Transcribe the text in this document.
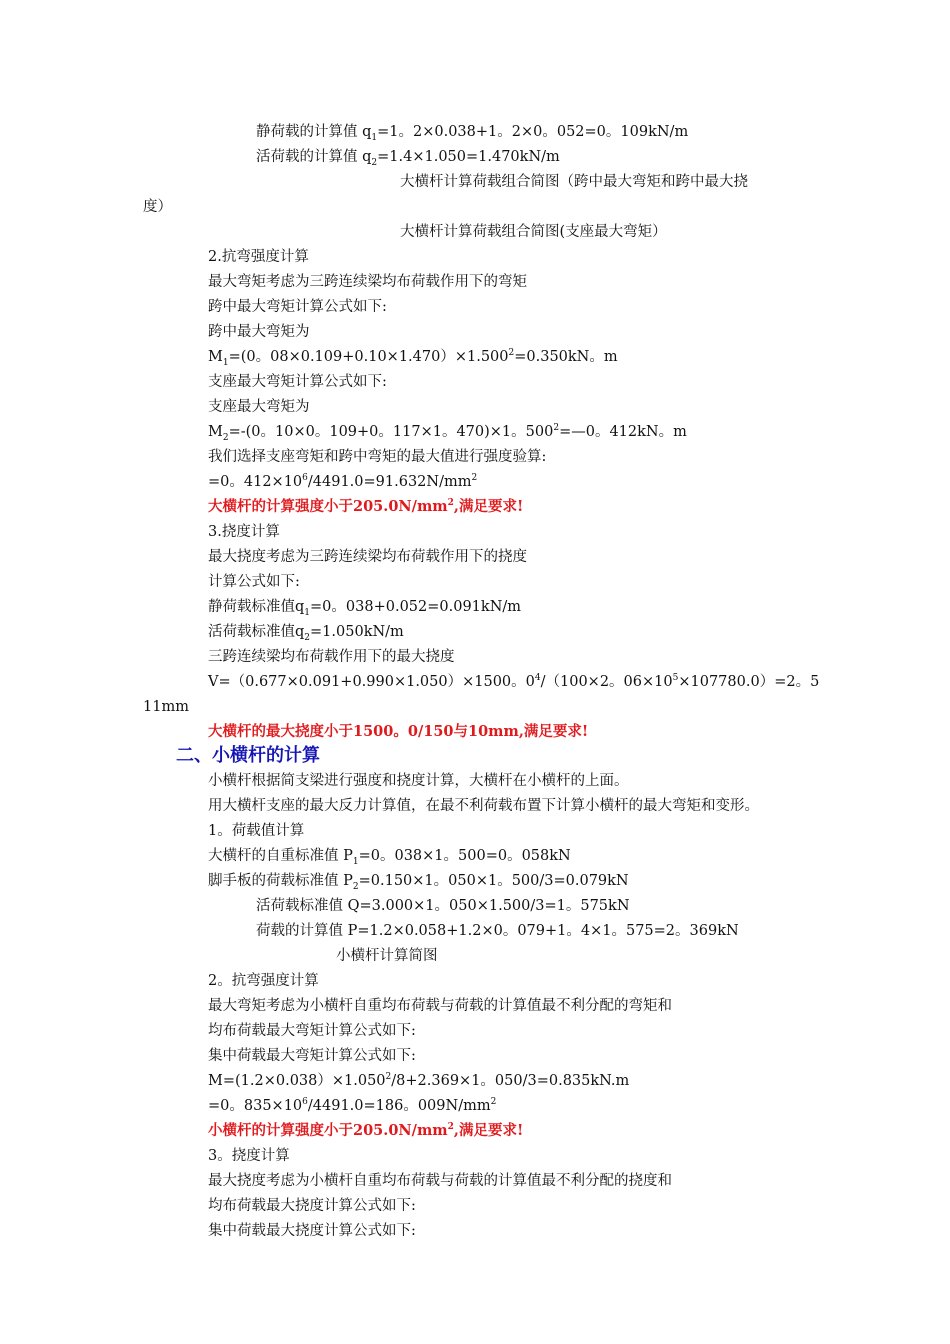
静荷载的计算值 $q_1=1$。2×0.038+1。2×0。052=0。109kN/m
活荷载的计算值 $q_2=1.4\times 1.050=1.470kN/m$
大横杆计算荷载组合简图（跨中最大弯矩和跨中最大挠
度）
大横杆计算荷载组合简图(支座最大弯矩）
2.抗弯强度计算
最大弯矩考虑为三跨连续梁均布荷载作用下的弯矩
跨中最大弯矩计算公式如下:
跨中最大弯矩为
$M_1=(0$。$08\times 0.109+0.10\times 1.470)\times 1.500^2=0.350kN$。m
支座最大弯矩计算公式如下:
支座最大弯矩为
$M_2=-(0$。10×0。109+0。117×1。470)×1。$500^2=—0$。412kN。m
我们选择支座弯矩和跨中弯矩的最大值进行强度验算:
=0。$412\times 10^6/4491.0=91.632N/mm^2$
大横杆的计算强度小于$205.0N/mm^2$,满足要求!
3.挠度计算
最大挠度考虑为三跨连续梁均布荷载作用下的挠度
计算公式如下:
静荷载标准值$q_1=0$。038+0.052=0.091kN/m
活荷载标准值$q_2=1.050kN/m$
三跨连续梁均布荷载作用下的最大挠度
V=（0.677×0.091+0.990×1.050）×1500。$0^4/(100\times 2$。$06\times 10^5\times 107780.0)=2$。5
11mm
大横杆的最大挠度小于1500。0/150与10mm,满足要求!
二、小横杆的计算
小横杆根据简支梁进行强度和挠度计算，大横杆在小横杆的上面。
用大横杆支座的最大反力计算值，在最不利荷载布置下计算小横杆的最大弯矩和变形。
1。荷载值计算
大横杆的自重标准值 $P_1=0$。038×1。500=0。058kN
脚手板的荷载标准值 $P_2=0.150\times 1$。050×1。500/3=0.079kN
活荷载标准值 Q=3.000×1。050×1.500/3=1。575kN
荷载的计算值 P=1.2×0.058+1.2×0。079+1。4×1。575=2。369kN
小横杆计算简图
2。抗弯强度计算
最大弯矩考虑为小横杆自重均布荷载与荷载的计算值最不利分配的弯矩和
均布荷载最大弯矩计算公式如下:
集中荷载最大弯矩计算公式如下:
$M=(1.2\times 0.038)\times 1.050^2/8+2.369\times 1$。050/3=0.835kN.m
=0。$835\times 10^6/4491.0=186$。$009N/mm^2$
小横杆的计算强度小于$205.0N/mm^2$,满足要求!
3。挠度计算
最大挠度考虑为小横杆自重均布荷载与荷载的计算值最不利分配的挠度和
均布荷载最大挠度计算公式如下:
集中荷载最大挠度计算公式如下:
